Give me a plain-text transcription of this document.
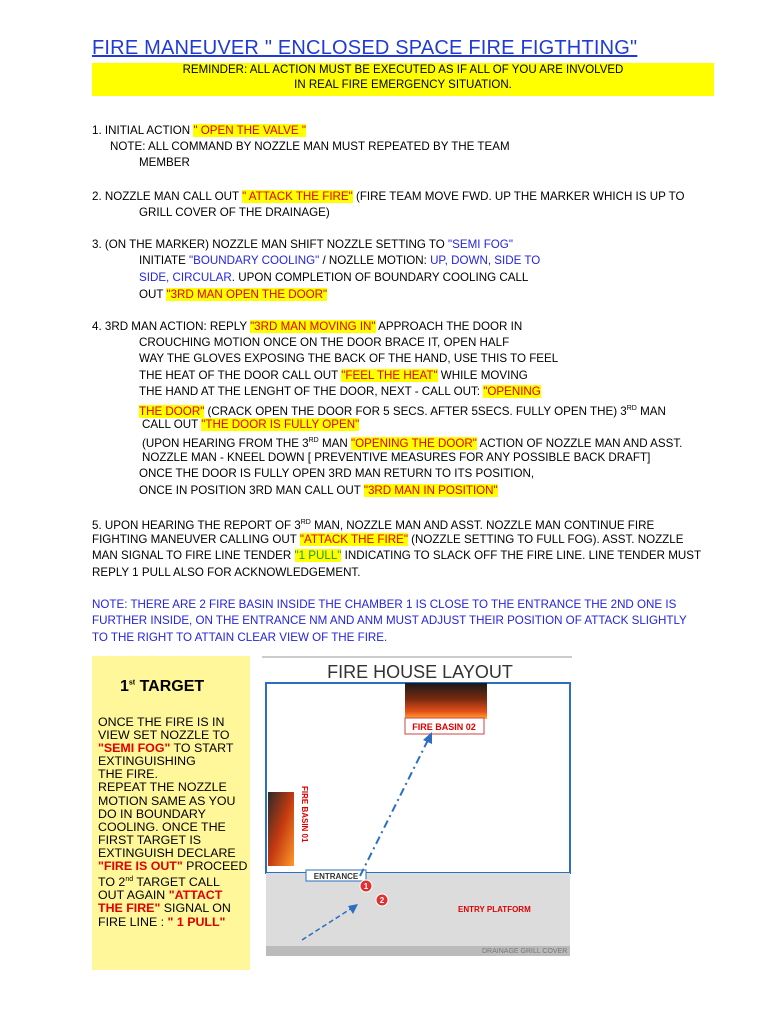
FIRE MANEUVER " ENCLOSED SPACE FIRE FIGTHTING"
REMINDER: ALL ACTION MUST BE EXECUTED AS IF ALL OF YOU ARE INVOLVED
IN REAL FIRE EMERGENCY SITUATION.
1. INITIAL ACTION " OPEN THE VALVE "
NOTE: ALL COMMAND BY NOZZLE MAN MUST REPEATED BY THE TEAM
MEMBER
2. NOZZLE MAN CALL OUT " ATTACK THE FIRE" (FIRE TEAM MOVE FWD. UP THE MARKER WHICH IS UP TO
GRILL COVER OF THE DRAINAGE)
3. (ON THE MARKER) NOZZLE MAN SHIFT NOZZLE SETTING TO "SEMI FOG"
INITIATE "BOUNDARY COOLING" / NOZLLE MOTION: UP, DOWN, SIDE TO
SIDE, CIRCULAR. UPON COMPLETION OF BOUNDARY COOLING CALL
OUT "3RD MAN OPEN THE DOOR"
4. 3RD MAN ACTION: REPLY "3RD MAN MOVING IN" APPROACH THE DOOR IN
CROUCHING MOTION ONCE ON THE DOOR BRACE IT, OPEN HALF
WAY THE GLOVES EXPOSING THE BACK OF THE HAND, USE THIS TO FEEL
THE HEAT OF THE DOOR CALL OUT "FEEL THE HEAT" WHILE MOVING
THE HAND AT THE LENGHT OF THE DOOR, NEXT - CALL OUT: "OPENING
THE DOOR" (CRACK OPEN THE DOOR FOR 5 SECS. AFTER 5SECS. FULLY OPEN THE) 3RD MAN
CALL OUT "THE DOOR IS FULLY OPEN"
(UPON HEARING FROM THE 3RD MAN "OPENING THE DOOR" ACTION OF NOZZLE MAN AND ASST.
NOZZLE MAN - KNEEL DOWN [ PREVENTIVE MEASURES FOR ANY POSSIBLE BACK DRAFT]
ONCE THE DOOR IS FULLY OPEN 3RD MAN RETURN TO ITS POSITION,
ONCE IN POSITION 3RD MAN CALL OUT "3RD MAN IN POSITION"
5. UPON HEARING THE REPORT OF 3RD MAN, NOZZLE MAN AND ASST. NOZZLE MAN CONTINUE FIRE
FIGHTING MANEUVER CALLING OUT "ATTACK THE FIRE" (NOZZLE SETTING TO FULL FOG). ASST. NOZZLE
MAN SIGNAL TO FIRE LINE TENDER "1 PULL" INDICATING TO SLACK OFF THE FIRE LINE. LINE TENDER MUST
REPLY 1 PULL ALSO FOR ACKNOWLEDGEMENT.
NOTE: THERE ARE 2 FIRE BASIN INSIDE THE CHAMBER 1 IS CLOSE TO THE ENTRANCE THE 2ND ONE IS
FURTHER INSIDE, ON THE ENTRANCE NM AND ANM MUST ADJUST THEIR POSITION OF ATTACK SLIGHTLY
TO THE RIGHT TO ATTAIN CLEAR VIEW OF THE FIRE.
1st TARGET
ONCE THE FIRE IS IN VIEW SET NOZZLE TO "SEMI FOG" TO START EXTINGUISHING
THE FIRE.
REPEAT THE NOZZLE MOTION SAME AS YOU DO IN BOUNDARY COOLING. ONCE THE FIRST TARGET IS EXTINGUISH DECLARE "FIRE IS OUT" PROCEED TO 2nd TARGET CALL OUT AGAIN "ATTACT THE FIRE" SIGNAL ON FIRE LINE : " 1 PULL"
FIRE HOUSE LAYOUT
FIRE BASIN 02
FIRE BASIN 01
ENTRANCE
1
2
ENTRY PLATFORM
DRAINAGE GRILL COVER
